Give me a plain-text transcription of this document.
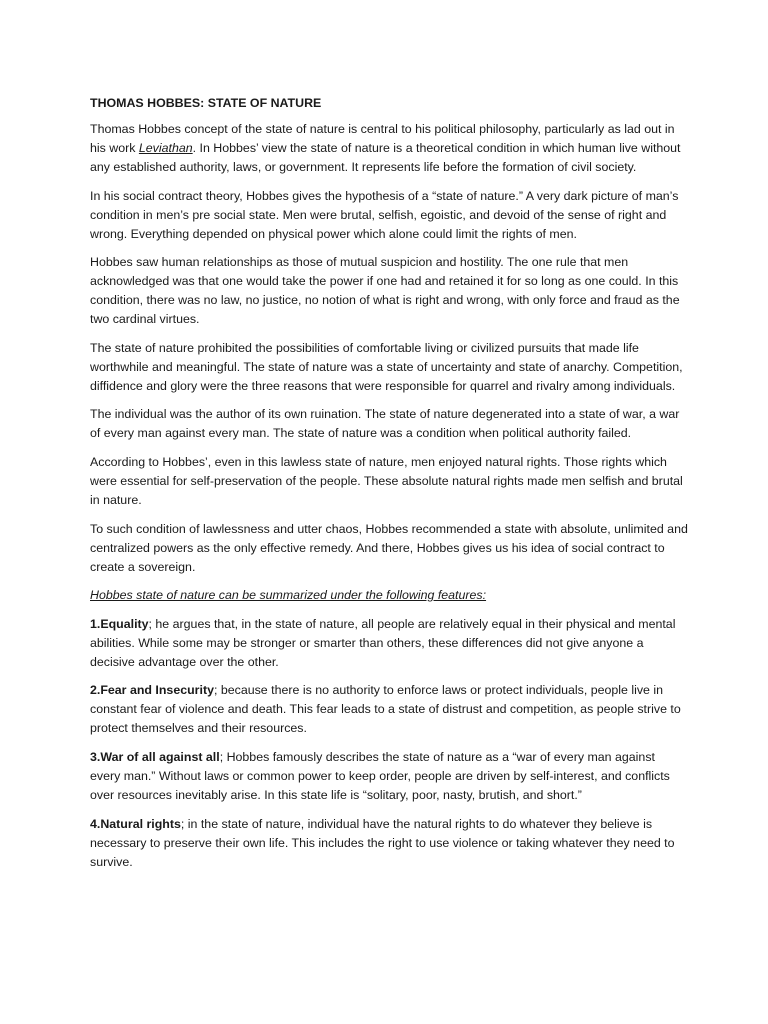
THOMAS HOBBES: STATE OF NATURE

Thomas Hobbes concept of the state of nature is central to his political philosophy, particularly as lad out in his work Leviathan. In Hobbes’ view the state of nature is a theoretical condition in which human live without any established authority, laws, or government. It represents life before the formation of civil society.

In his social contract theory, Hobbes gives the hypothesis of a “state of nature.” A very dark picture of man’s condition in men’s pre social state. Men were brutal, selfish, egoistic, and devoid of the sense of right and wrong. Everything depended on physical power which alone could limit the rights of men.

Hobbes saw human relationships as those of mutual suspicion and hostility. The one rule that men acknowledged was that one would take the power if one had and retained it for so long as one could. In this condition, there was no law, no justice, no notion of what is right and wrong, with only force and fraud as the two cardinal virtues.

The state of nature prohibited the possibilities of comfortable living or civilized pursuits that made life worthwhile and meaningful. The state of nature was a state of uncertainty and state of anarchy. Competition, diffidence and glory were the three reasons that were responsible for quarrel and rivalry among individuals.

The individual was the author of its own ruination. The state of nature degenerated into a state of war, a war of every man against every man. The state of nature was a condition when political authority failed.

According to Hobbes’, even in this lawless state of nature, men enjoyed natural rights. Those rights which were essential for self-preservation of the people. These absolute natural rights made men selfish and brutal in nature.

To such condition of lawlessness and utter chaos, Hobbes recommended a state with absolute, unlimited and centralized powers as the only effective remedy. And there, Hobbes gives us his idea of social contract to create a sovereign.

Hobbes state of nature can be summarized under the following features:

1.Equality; he argues that, in the state of nature, all people are relatively equal in their physical and mental abilities. While some may be stronger or smarter than others, these differences did not give anyone a decisive advantage over the other.

2.Fear and Insecurity; because there is no authority to enforce laws or protect individuals, people live in constant fear of violence and death. This fear leads to a state of distrust and competition, as people strive to protect themselves and their resources.

3.War of all against all; Hobbes famously describes the state of nature as a “war of every man against every man.” Without laws or common power to keep order, people are driven by self-interest, and conflicts over resources inevitably arise. In this state life is “solitary, poor, nasty, brutish, and short.”

4.Natural rights; in the state of nature, individual have the natural rights to do whatever they believe is necessary to preserve their own life. This includes the right to use violence or taking whatever they need to survive.
